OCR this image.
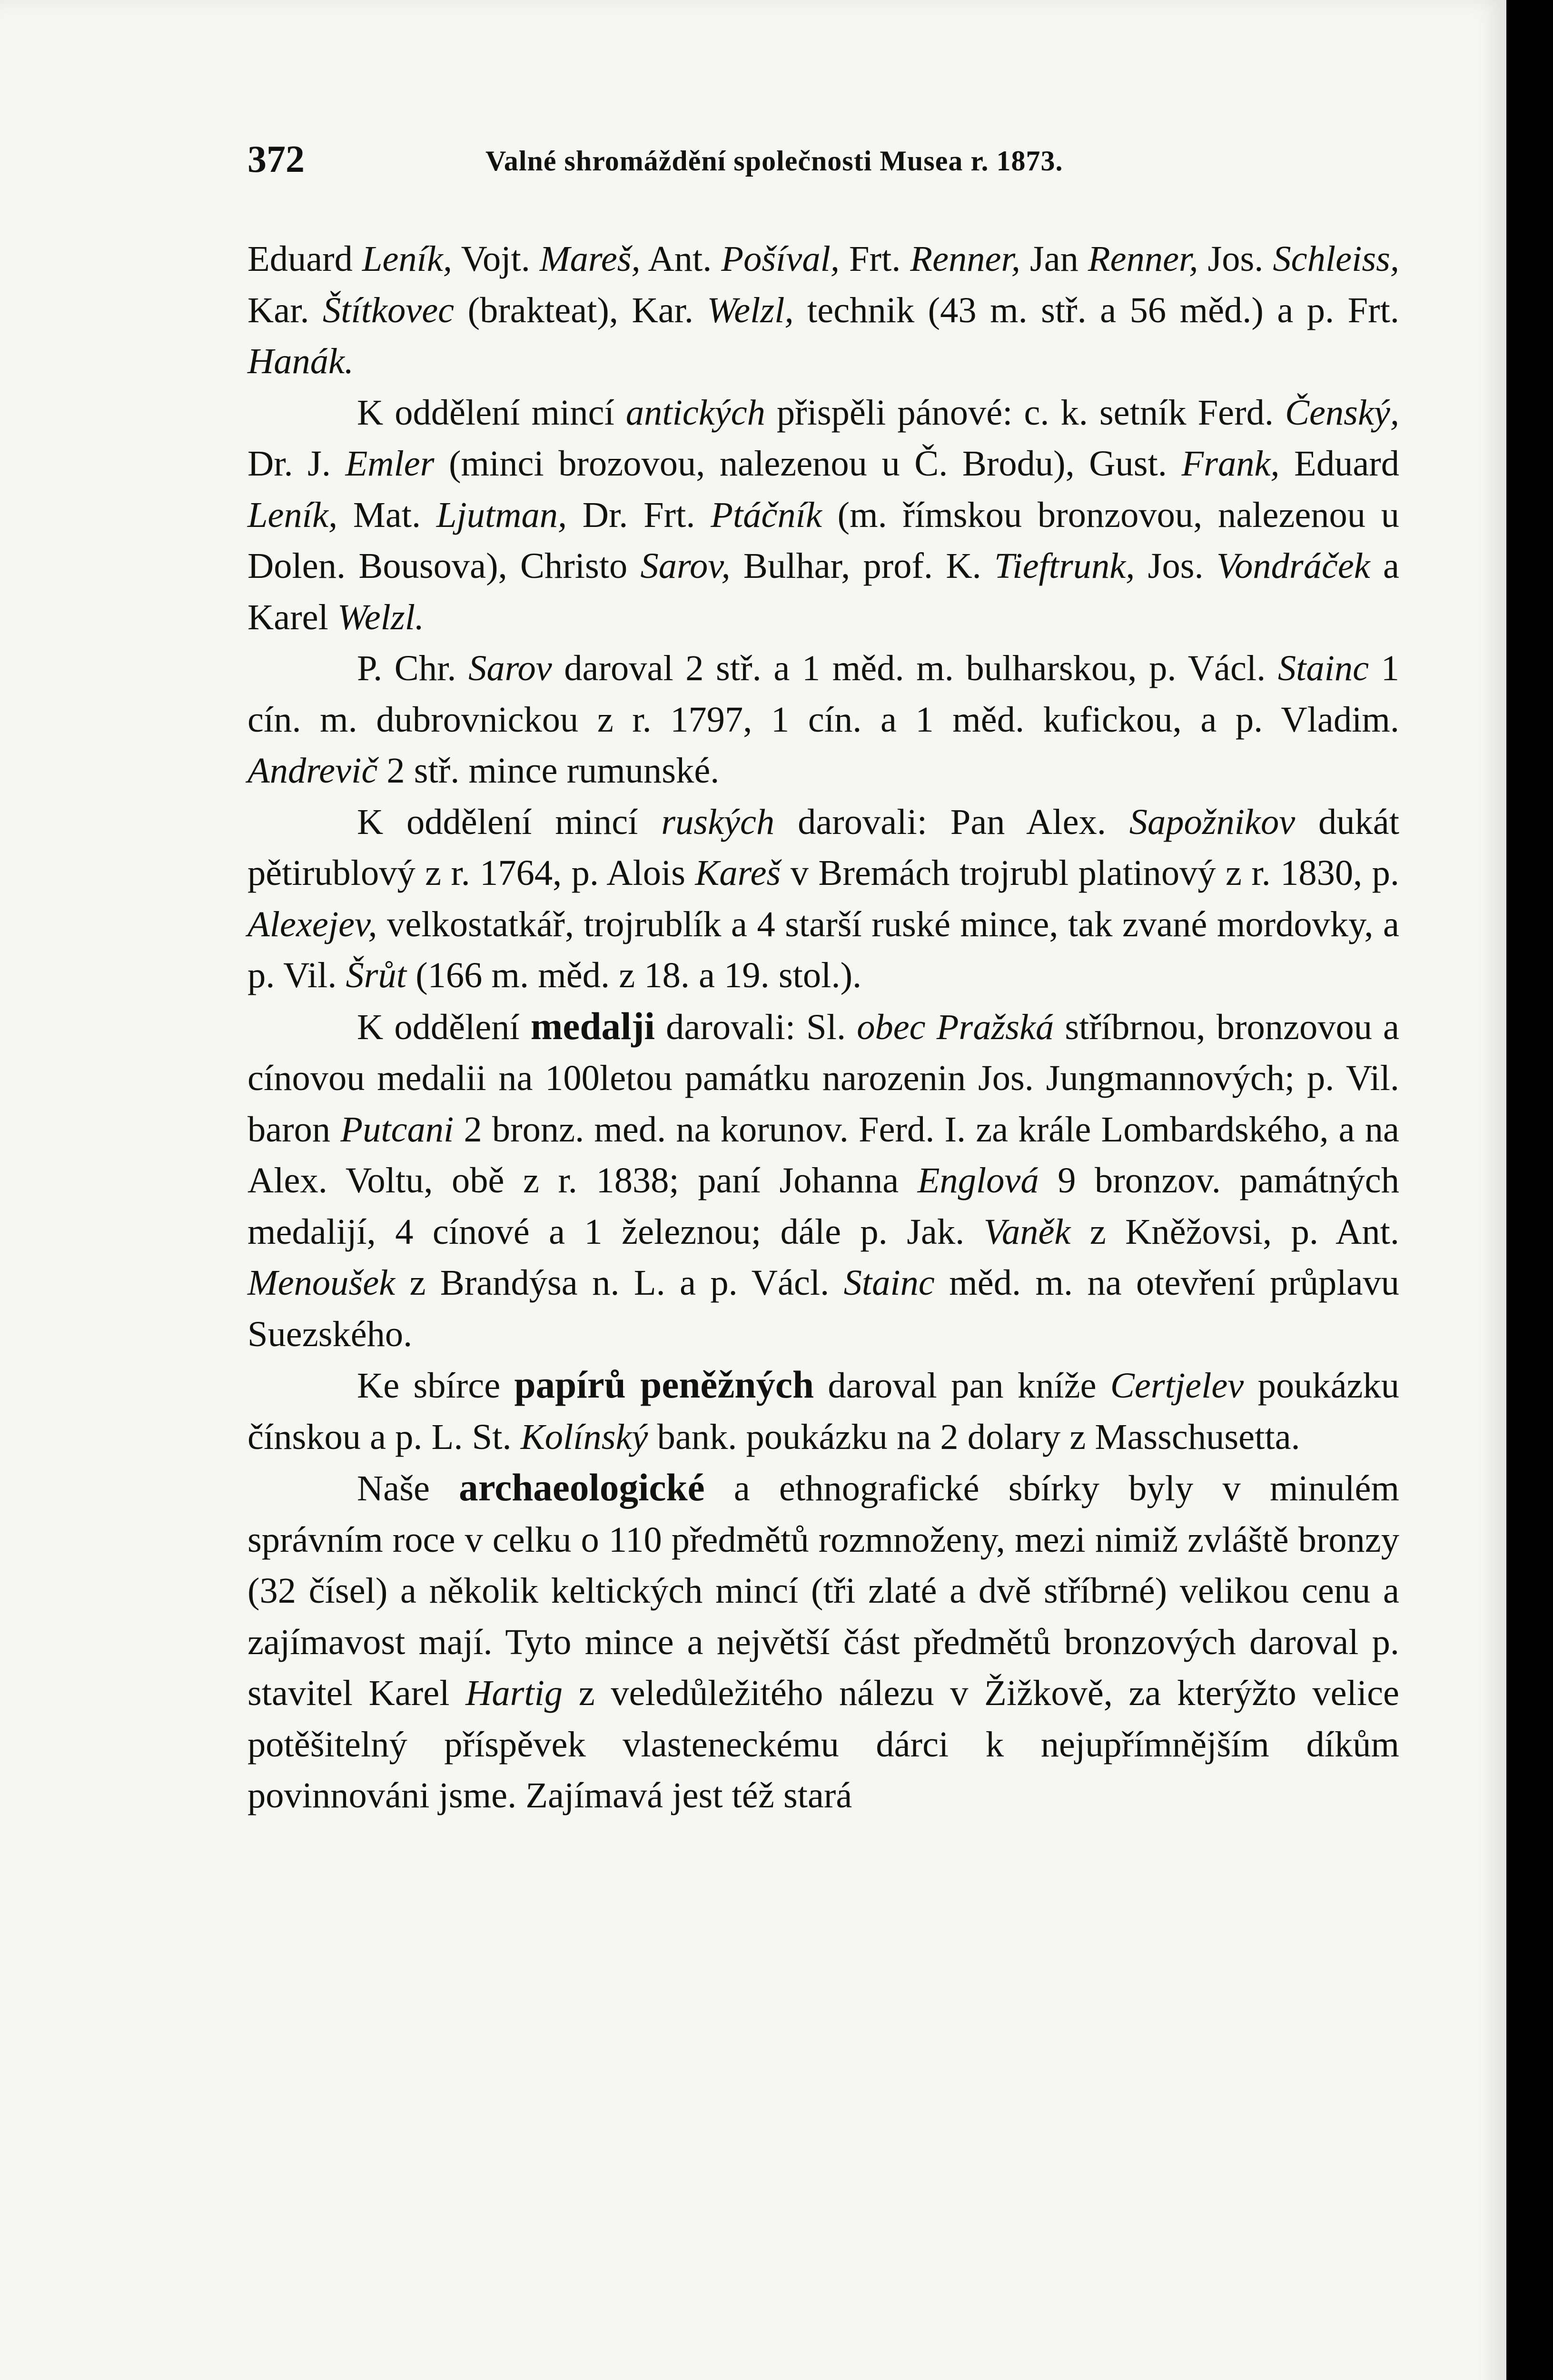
372	Valné shromáždění společnosti Musea r. 1873.

Eduard Leník, Vojt. Mareš, Ant. Pošíval, Frt. Renner, Jan Renner, Jos. Schleiss, Kar. Štítkovec (brakteat), Kar. Welzl, technik (43 m. stř. a 56 měd.) a p. Frt. Hanák.

K oddělení mincí antických přispěli pánové: c. k. setník Ferd. Čenský, Dr. J. Emler (minci brozovou, nalezenou u Č. Brodu), Gust. Frank, Eduard Leník, Mat. Ljutman, Dr. Frt. Ptáčník (m. římskou bronzovou, nalezenou u Dolen. Bousova), Christo Sarov, Bulhar, prof. K. Tieftrunk, Jos. Vondráček a Karel Welzl.

P. Chr. Sarov daroval 2 stř. a 1 měd. m. bulharskou, p. Václ. Stainc 1 cín. m. dubrovnickou z r. 1797, 1 cín. a 1 měd. kufickou, a p. Vladim. Andrevič 2 stř. mince rumunské.

K oddělení mincí ruských darovali: Pan Alex. Sapožnikov dukát pětirublový z r. 1764, p. Alois Kareš v Bremách trojrubl platinový z r. 1830, p. Alexejev, velkostatkář, trojrublík a 4 starší ruské mince, tak zvané mordovky, a p. Vil. Šrůt (166 m. měd. z 18. a 19. stol.).

K oddělení medalji darovali: Sl. obec Pražská stříbrnou, bronzovou a cínovou medalii na 100letou památku narozenin Jos. Jungmannových; p. Vil. baron Putcani 2 bronz. med. na korunov. Ferd. I. za krále Lombardského, a na Alex. Voltu, obě z r. 1838; paní Johanna Englová 9 bronzov. památných medalijí, 4 cínové a 1 železnou; dále p. Jak. Vaněk z Kněžovsi, p. Ant. Menoušek z Brandýsa n. L. a p. Václ. Stainc měd. m. na otevření průplavu Suezského.

Ke sbírce papírů peněžných daroval pan kníže Certjelev poukázku čínskou a p. L. St. Kolínský bank. poukázku na 2 dolary z Masschusetta.

Naše archaeologické a ethnografické sbírky byly v minulém správním roce v celku o 110 předmětů rozmnoženy, mezi nimiž zvláště bronzy (32 čísel) a několik keltických mincí (tři zlaté a dvě stříbrné) velikou cenu a zajímavost mají. Tyto mince a největší část předmětů bronzových daroval p. stavitel Karel Hartig z veledůležitého nálezu v Žižkově, za kterýžto velice potěšitelný příspěvek vlasteneckému dárci k nejupřímnějším díkům povinnováni jsme. Zajímavá jest též stará
